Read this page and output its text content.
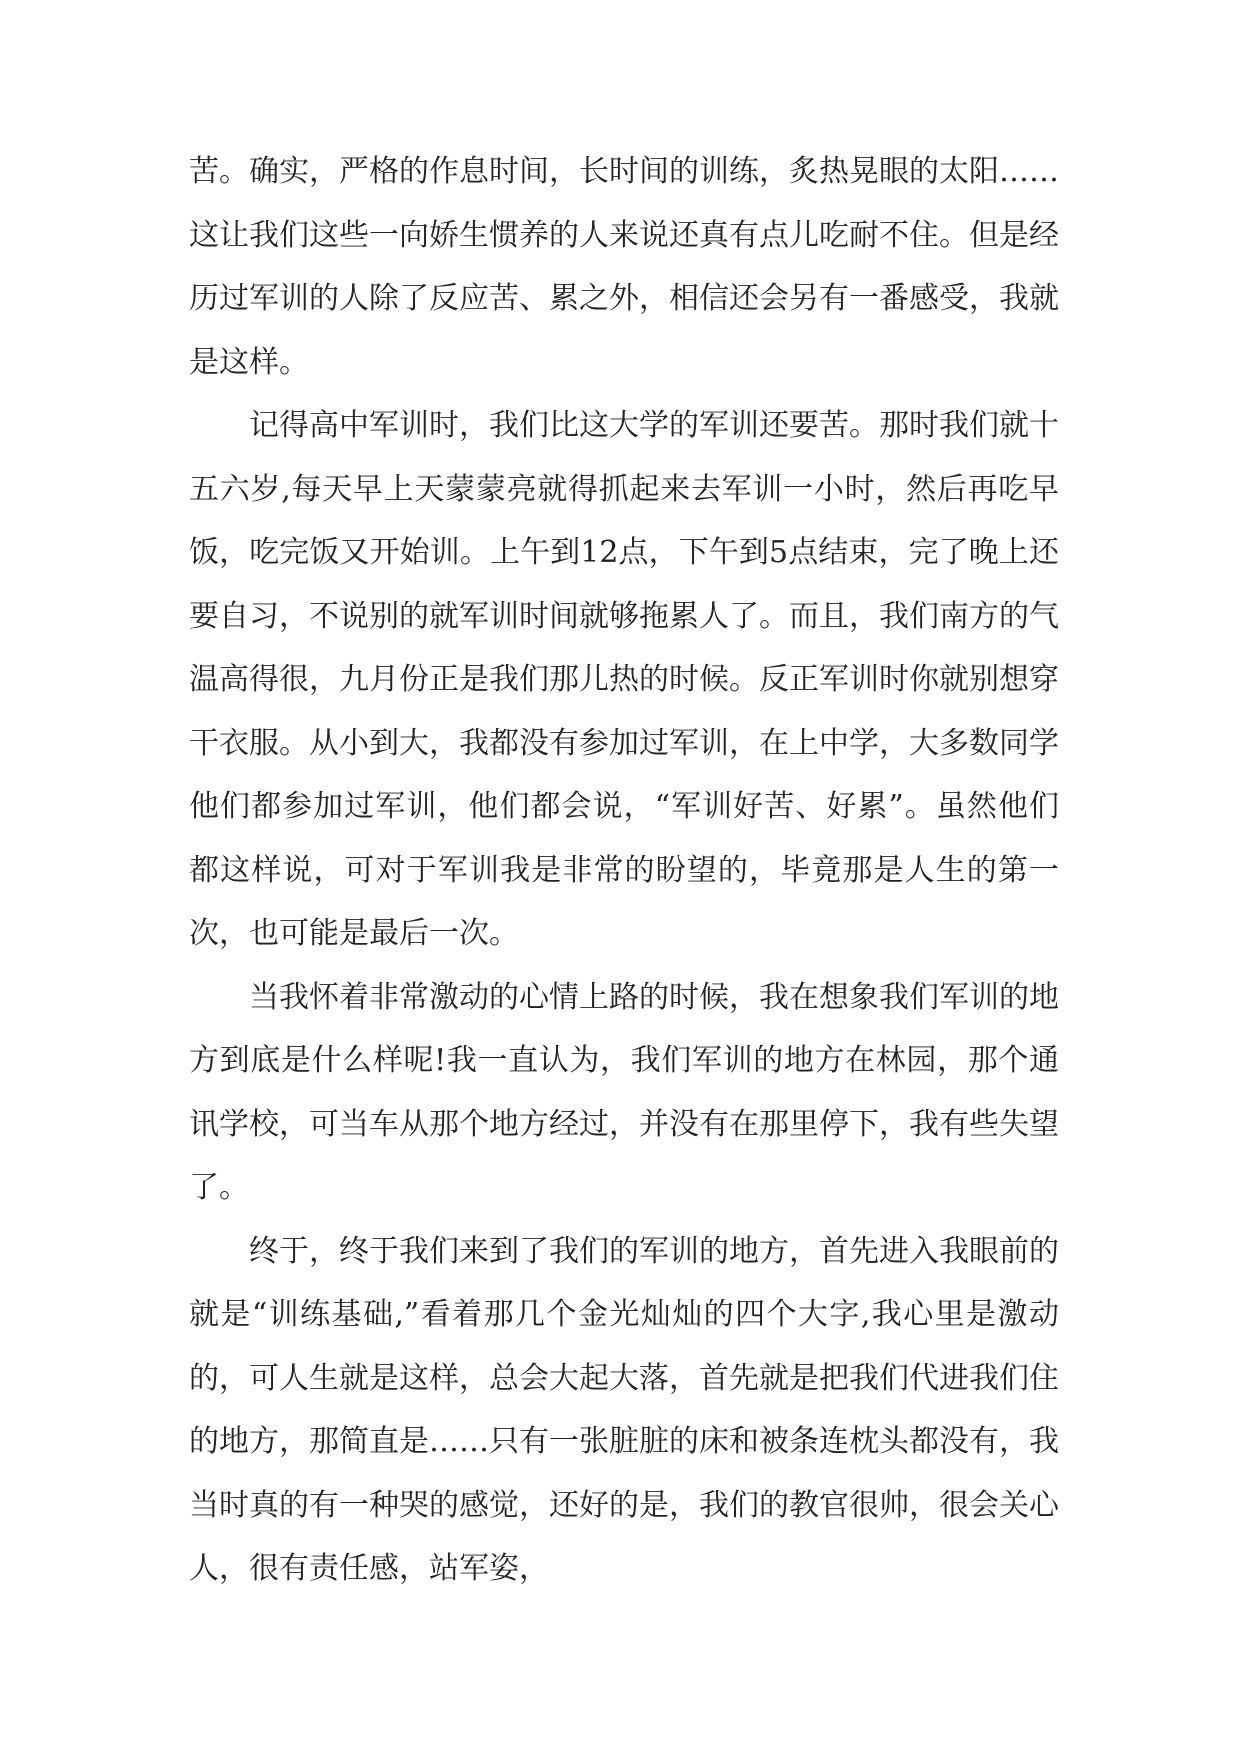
苦。确实，严格的作息时间，长时间的训练，炙热晃眼的太阳……这让我们这些一向娇生惯养的人来说还真有点儿吃耐不住。但是经历过军训的人除了反应苦、累之外，相信还会另有一番感受，我就是这样。

记得高中军训时，我们比这大学的军训还要苦。那时我们就十五六岁,每天早上天蒙蒙亮就得抓起来去军训一小时，然后再吃早饭，吃完饭又开始训。上午到12点，下午到5点结束，完了晚上还要自习，不说别的就军训时间就够拖累人了。而且，我们南方的气温高得很，九月份正是我们那儿热的时候。反正军训时你就别想穿干衣服。从小到大，我都没有参加过军训，在上中学，大多数同学他们都参加过军训，他们都会说，“军训好苦、好累”。虽然他们都这样说，可对于军训我是非常的盼望的，毕竟那是人生的第一次，也可能是最后一次。

当我怀着非常激动的心情上路的时候，我在想象我们军训的地方到底是什么样呢!我一直认为，我们军训的地方在林园，那个通讯学校，可当车从那个地方经过，并没有在那里停下，我有些失望了。

终于，终于我们来到了我们的军训的地方，首先进入我眼前的就是“训练基础,”看着那几个金光灿灿的四个大字,我心里是激动的，可人生就是这样，总会大起大落，首先就是把我们代进我们住的地方，那简直是……只有一张脏脏的床和被条连枕头都没有，我当时真的有一种哭的感觉，还好的是，我们的教官很帅，很会关心人，很有责任感，站军姿，
